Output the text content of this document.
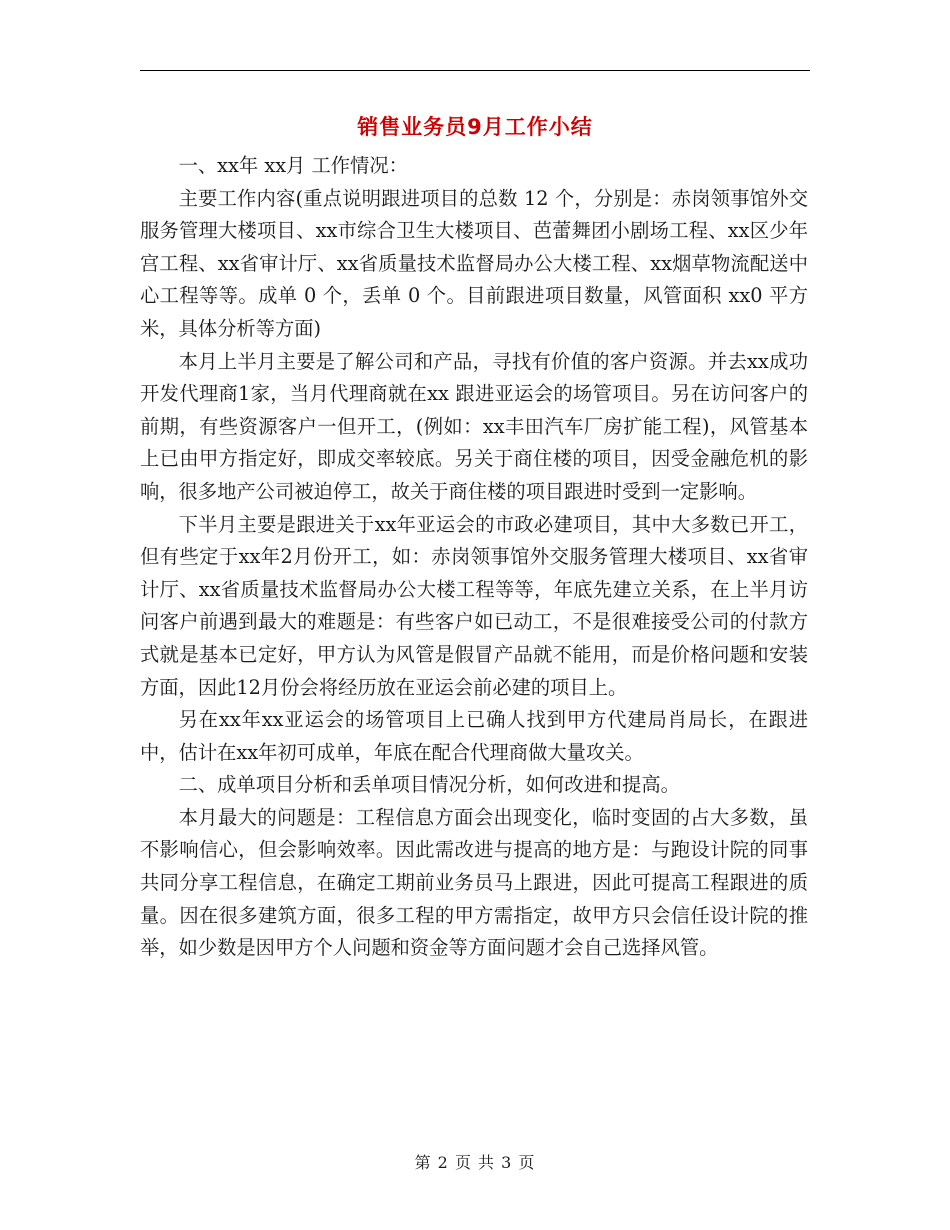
销售业务员9月工作小结

一、xx年 xx月 工作情况：

主要工作内容(重点说明跟进项目的总数 12 个，分别是：赤岗领事馆外交服务管理大楼项目、xx市综合卫生大楼项目、芭蕾舞团小剧场工程、xx区少年宫工程、xx省审计厅、xx省质量技术监督局办公大楼工程、xx烟草物流配送中心工程等等。成单 0 个，丢单 0 个。目前跟进项目数量，风管面积 xx0 平方米，具体分析等方面)

本月上半月主要是了解公司和产品，寻找有价值的客户资源。并去xx成功开发代理商1家，当月代理商就在xx 跟进亚运会的场管项目。另在访问客户的前期，有些资源客户一但开工，(例如：xx丰田汽车厂房扩能工程)，风管基本上已由甲方指定好，即成交率较底。另关于商住楼的项目，因受金融危机的影响，很多地产公司被迫停工，故关于商住楼的项目跟进时受到一定影响。

下半月主要是跟进关于xx年亚运会的市政必建项目，其中大多数已开工，但有些定于xx年2月份开工，如：赤岗领事馆外交服务管理大楼项目、xx省审计厅、xx省质量技术监督局办公大楼工程等等，年底先建立关系，在上半月访问客户前遇到最大的难题是：有些客户如已动工，不是很难接受公司的付款方式就是基本已定好，甲方认为风管是假冒产品就不能用，而是价格问题和安装方面，因此12月份会将经历放在亚运会前必建的项目上。

另在xx年xx亚运会的场管项目上已确人找到甲方代建局肖局长，在跟进中，估计在xx年初可成单，年底在配合代理商做大量攻关。

二、成单项目分析和丢单项目情况分析，如何改进和提高。

本月最大的问题是：工程信息方面会出现变化，临时变固的占大多数，虽不影响信心，但会影响效率。因此需改进与提高的地方是：与跑设计院的同事共同分享工程信息，在确定工期前业务员马上跟进，因此可提高工程跟进的质量。因在很多建筑方面，很多工程的甲方需指定，故甲方只会信任设计院的推举，如少数是因甲方个人问题和资金等方面问题才会自己选择风管。

第 2 页 共 3 页
